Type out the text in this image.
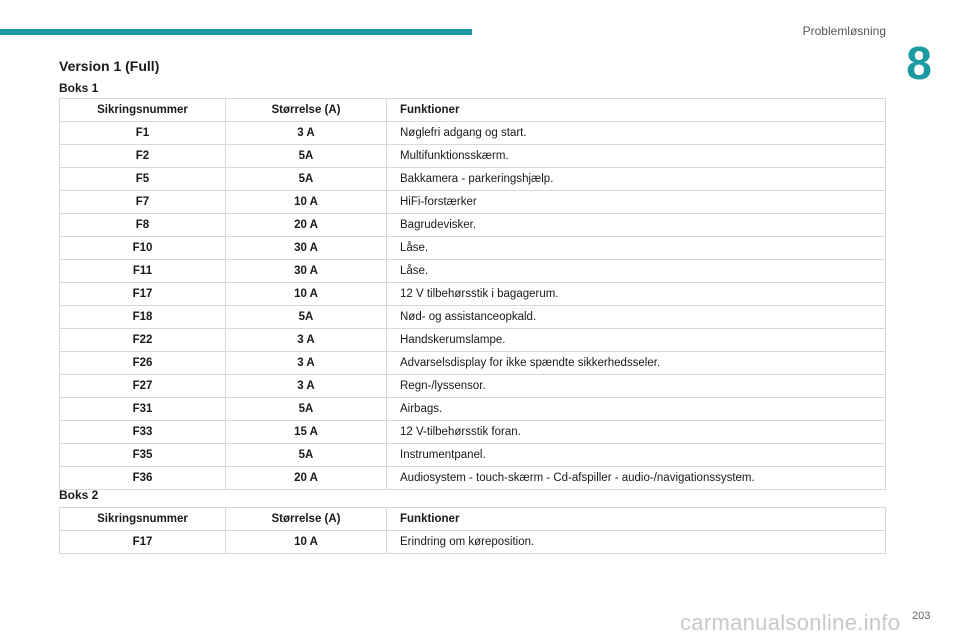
Problemløsning
8
Version 1 (Full)
Boks 1
Sikringsnummer	Størrelse (A)	Funktioner
F1	3 A	Nøglefri adgang og start.
F2	5A	Multifunktionsskærm.
F5	5A	Bakkamera - parkeringshjælp.
F7	10 A	HiFi-forstærker
F8	20 A	Bagrudevisker.
F10	30 A	Låse.
F11	30 A	Låse.
F17	10 A	12 V tilbehørsstik i bagagerum.
F18	5A	Nød- og assistanceopkald.
F22	3 A	Handskerumslampe.
F26	3 A	Advarselsdisplay for ikke spændte sikkerhedsseler.
F27	3 A	Regn-/lyssensor.
F31	5A	Airbags.
F33	15 A	12 V-tilbehørsstik foran.
F35	5A	Instrumentpanel.
F36	20 A	Audiosystem - touch-skærm - Cd-afspiller - audio-/navigationssystem.
Boks 2
Sikringsnummer	Størrelse (A)	Funktioner
F17	10 A	Erindring om køreposition.
203
carmanualsonline.info
